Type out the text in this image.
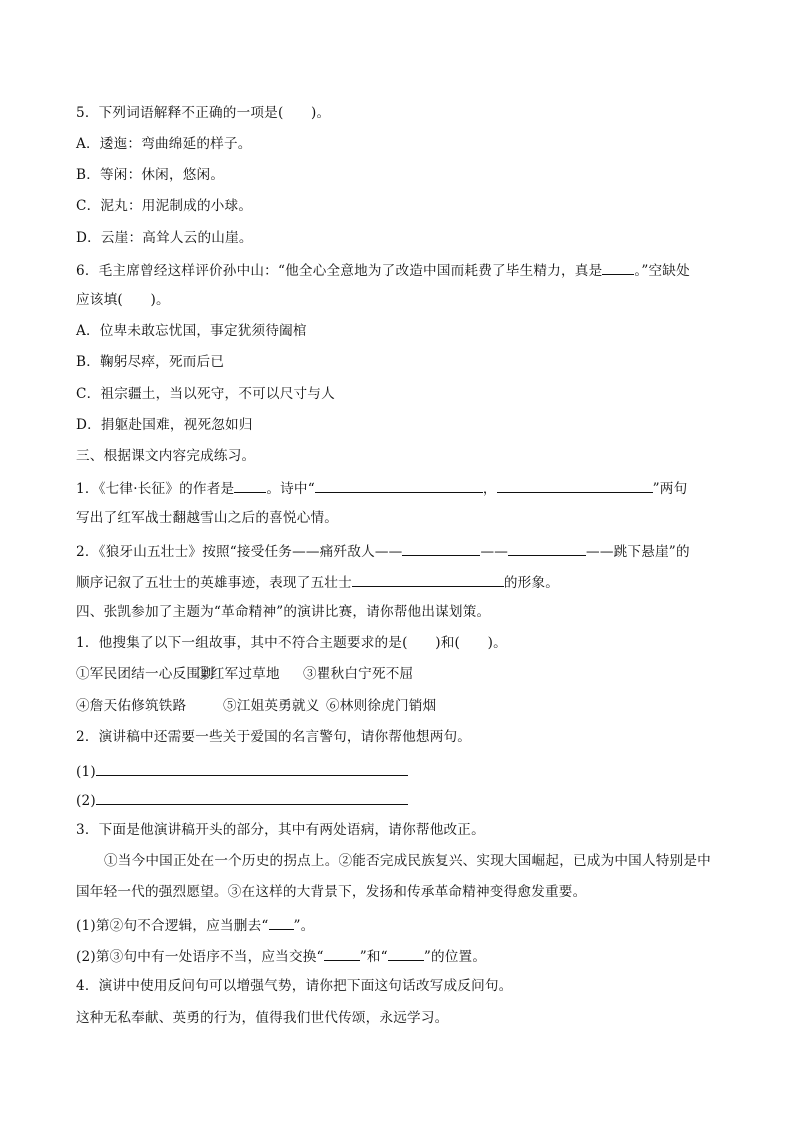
5．下列词语解释不正确的一项是(　　)。
A．逶迤：弯曲绵延的样子。
B．等闲：休闲，悠闲。
C．泥丸：用泥制成的小球。
D．云崖：高耸人云的山崖。
6．毛主席曾经这样评价孙中山：“他全心全意地为了改造中国而耗费了毕生精力，真是 。”空缺处
应该填(　　)。
A．位卑未敢忘忧国，事定犹须待阖棺
B．鞠躬尽瘁，死而后已
C．祖宗疆土，当以死守，不可以尺寸与人
D．捐躯赴国难，视死忽如归
三、根据课文内容完成练习。
1．《七律·长征》的作者是 。诗中“	，	”两句
写出了红军战士翻越雪山之后的喜悦心情。
2．《狼牙山五壮士》按照“接受任务——痛歼敌人——	——	——跳下悬崖”的
顺序记叙了五壮士的英雄事迹，表现了五壮士	的形象。
四、张凯参加了主题为“革命精神”的演讲比赛，请你帮他出谋划策。
1．他搜集了以下一组故事，其中不符合主题要求的是(　　)和(　　)。
①军民团结一心反围剿②红军过草地 ③瞿秋白宁死不屈
④詹天佑修筑铁路	⑤江姐英勇就义 ⑥林则徐虎门销烟
2．演讲稿中还需要一些关于爱国的名言警句，请你帮他想两句。
(1)
(2)
3．下面是他演讲稿开头的部分，其中有两处语病，请你帮他改正。
①当今中国正处在一个历史的拐点上。②能否完成民族复兴、实现大国崛起，已成为中国人特别是中
国年轻一代的强烈愿望。③在这样的大背景下，发扬和传承革命精神变得愈发重要。
(1)第②句不合逻辑，应当删去“ ”。
(2)第③句中有一处语序不当，应当交换“	”和“	”的位置。
4．演讲中使用反问句可以增强气势，请你把下面这句话改写成反问句。
这种无私奉献、英勇的行为，值得我们世代传颂，永远学习。
